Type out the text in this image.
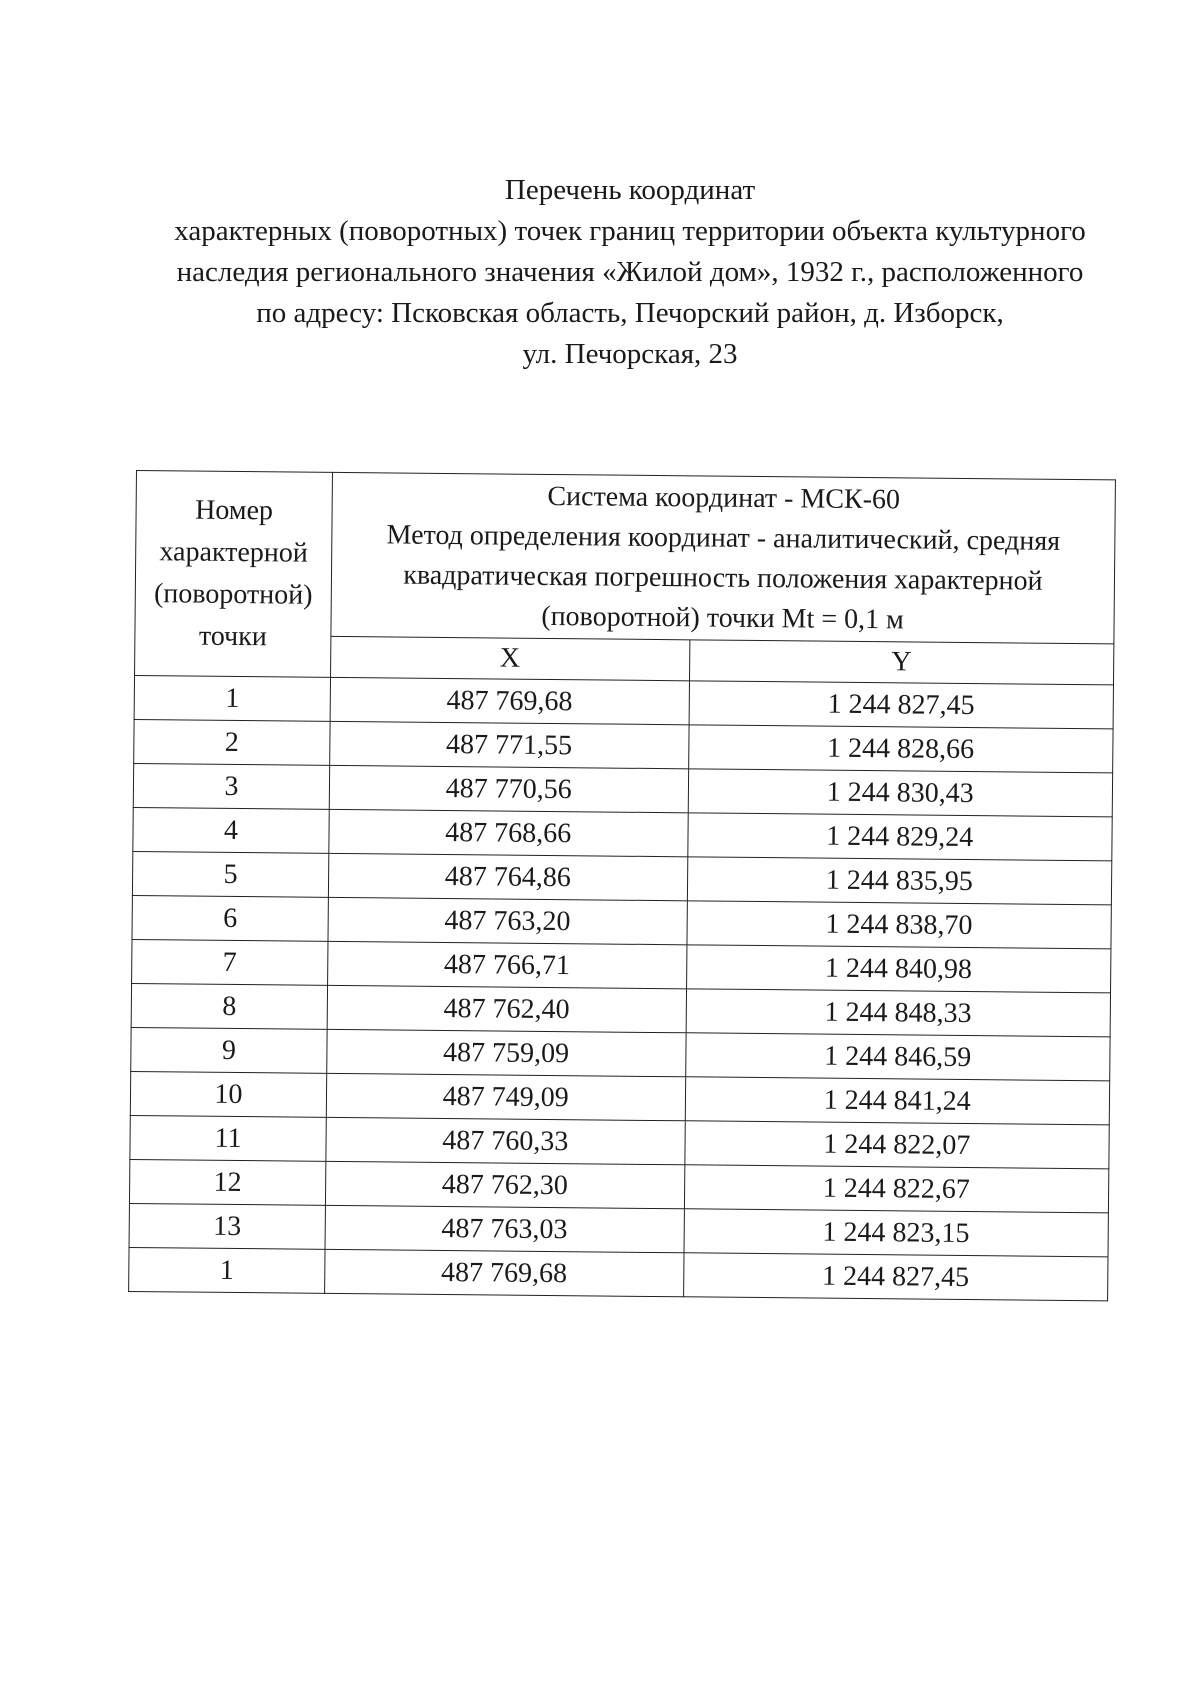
Перечень координат
характерных (поворотных) точек границ территории объекта культурного
наследия регионального значения «Жилой дом», 1932 г., расположенного
по адресу: Псковская область, Печорский район, д. Изборск,
ул. Печорская, 23
Номер
характерной
(поворотной)
точки	Система координат - МСК-60
Метод определения координат - аналитический, средняя
квадратическая погрешность положения характерной
(поворотной) точки Mt = 0,1 м	
	X	Y
1	487 769,68	1 244 827,45
2	487 771,55	1 244 828,66
3	487 770,56	1 244 830,43
4	487 768,66	1 244 829,24
5	487 764,86	1 244 835,95
6	487 763,20	1 244 838,70
7	487 766,71	1 244 840,98
8	487 762,40	1 244 848,33
9	487 759,09	1 244 846,59
10	487 749,09	1 244 841,24
11	487 760,33	1 244 822,07
12	487 762,30	1 244 822,67
13	487 763,03	1 244 823,15
1	487 769,68	1 244 827,45
